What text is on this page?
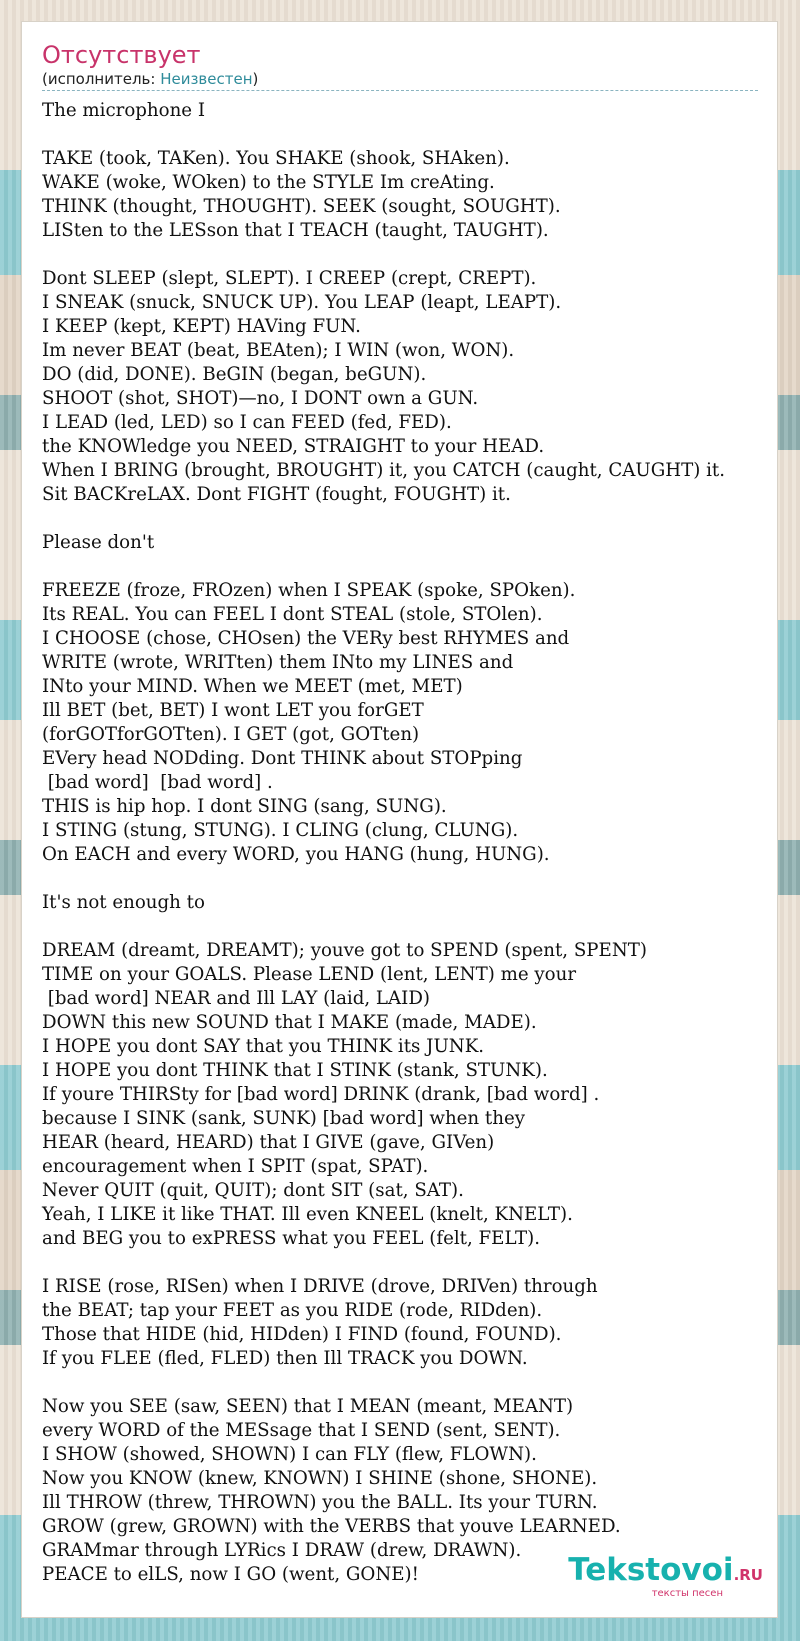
Отсутствует
(исполнитель: Неизвестен)
The microphone I

TAKE (took, TAKen). You SHAKE (shook, SHAken).
WAKE (woke, WOken) to the STYLE Im creAting.
THINK (thought, THOUGHT). SEEK (sought, SOUGHT).
LISten to the LESson that I TEACH (taught, TAUGHT).

Dont SLEEP (slept, SLEPT). I CREEP (crept, CREPT).
I SNEAK (snuck, SNUCK UP). You LEAP (leapt, LEAPT).
I KEEP (kept, KEPT) HAVing FUN.
Im never BEAT (beat, BEAten); I WIN (won, WON).
DO (did, DONE). BeGIN (began, beGUN).
SHOOT (shot, SHOT)—no, I DONT own a GUN.
I LEAD (led, LED) so I can FEED (fed, FED).
the KNOWledge you NEED, STRAIGHT to your HEAD.
When I BRING (brought, BROUGHT) it, you CATCH (caught, CAUGHT) it.
Sit BACKreLAX. Dont FIGHT (fought, FOUGHT) it.

Please don't

FREEZE (froze, FROzen) when I SPEAK (spoke, SPOken).
Its REAL. You can FEEL I dont STEAL (stole, STOlen).
I CHOOSE (chose, CHOsen) the VERy best RHYMES and
WRITE (wrote, WRITten) them INto my LINES and
INto your MIND. When we MEET (met, MET)
Ill BET (bet, BET) I wont LET you forGET
(forGOTforGOTten). I GET (got, GOTten)
EVery head NODding. Dont THINK about STOPping
[bad word]  [bad word] .
THIS is hip hop. I dont SING (sang, SUNG).
I STING (stung, STUNG). I CLING (clung, CLUNG).
On EACH and every WORD, you HANG (hung, HUNG).

It's not enough to

DREAM (dreamt, DREAMT); youve got to SPEND (spent, SPENT)
TIME on your GOALS. Please LEND (lent, LENT) me your
[bad word] NEAR and Ill LAY (laid, LAID)
DOWN this new SOUND that I MAKE (made, MADE).
I HOPE you dont SAY that you THINK its JUNK.
I HOPE you dont THINK that I STINK (stank, STUNK).
If youre THIRSty for [bad word] DRINK (drank, [bad word] .
because I SINK (sank, SUNK) [bad word] when they
HEAR (heard, HEARD) that I GIVE (gave, GIVen)
encouragement when I SPIT (spat, SPAT).
Never QUIT (quit, QUIT); dont SIT (sat, SAT).
Yeah, I LIKE it like THAT. Ill even KNEEL (knelt, KNELT).
and BEG you to exPRESS what you FEEL (felt, FELT).

I RISE (rose, RISen) when I DRIVE (drove, DRIVen) through
the BEAT; tap your FEET as you RIDE (rode, RIDden).
Those that HIDE (hid, HIDden) I FIND (found, FOUND).
If you FLEE (fled, FLED) then Ill TRACK you DOWN.

Now you SEE (saw, SEEN) that I MEAN (meant, MEANT)
every WORD of the MESsage that I SEND (sent, SENT).
I SHOW (showed, SHOWN) I can FLY (flew, FLOWN).
Now you KNOW (knew, KNOWN) I SHINE (shone, SHONE).
Ill THROW (threw, THROWN) you the BALL. Its your TURN.
GROW (grew, GROWN) with the VERBS that youve LEARNED.
GRAMmar through LYRics I DRAW (drew, DRAWN).
PEACE to elLS, now I GO (went, GONE)!	Tekstovoi.RU
тексты песен
